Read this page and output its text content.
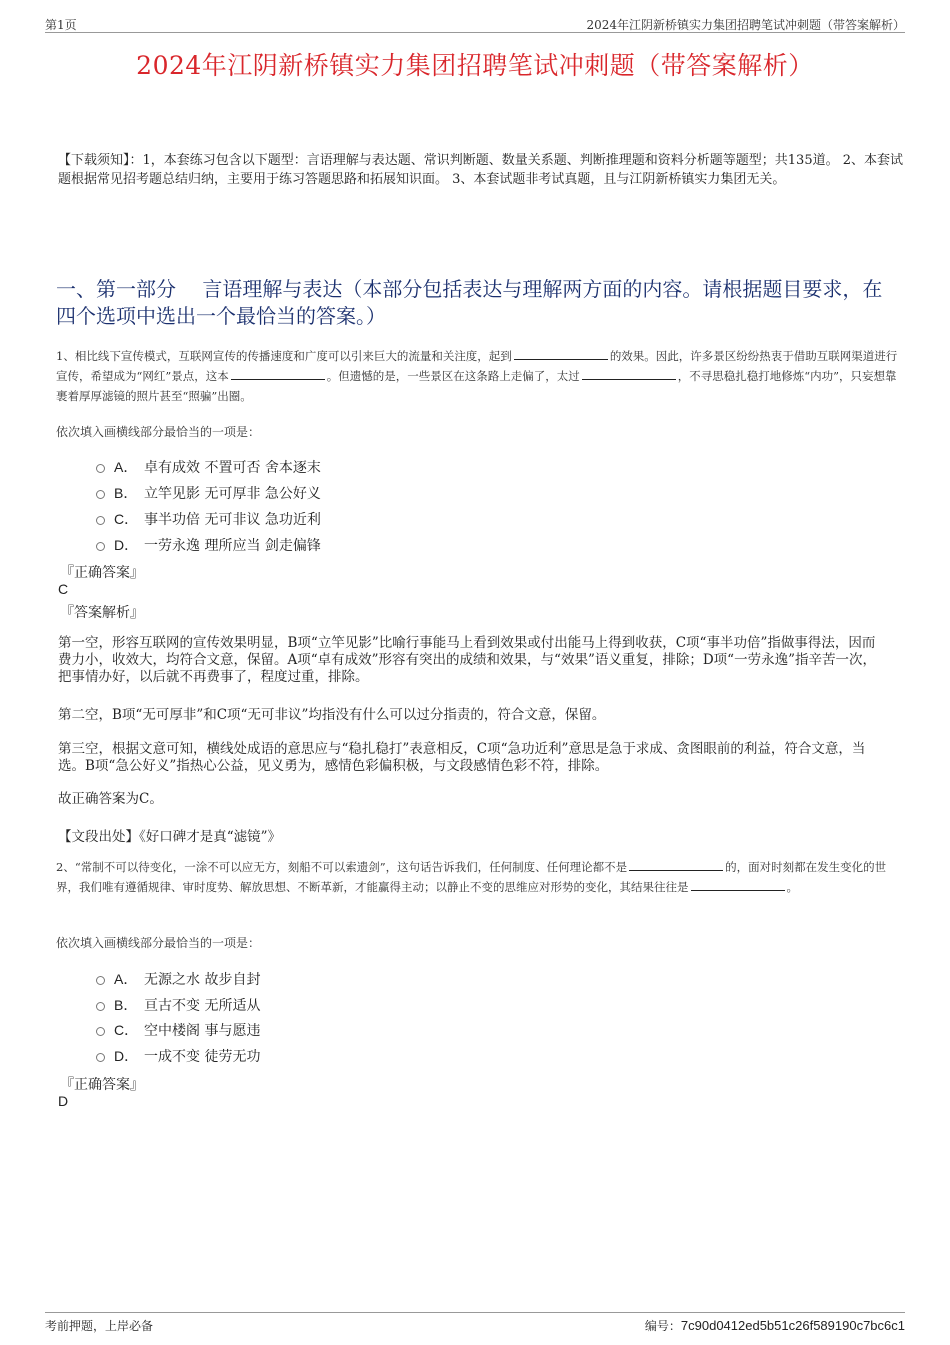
第1页	2024年江阴新桥镇实力集团招聘笔试冲刺题（带答案解析）
2024年江阴新桥镇实力集团招聘笔试冲刺题（带答案解析）
【下载须知】：1，本套练习包含以下题型：言语理解与表达题、常识判断题、数量关系题、判断推理题和资料分析题等题型；共135道。 2、本套试题根据常见招考题总结归纳，主要用于练习答题思路和拓展知识面。 3、本套试题非考试真题，且与江阴新桥镇实力集团无关。
一、第一部分　 言语理解与表达（本部分包括表达与理解两方面的内容。请根据题目要求，在四个选项中选出一个最恰当的答案。）
1、相比线下宣传模式，互联网宣传的传播速度和广度可以引来巨大的流量和关注度，起到	的效果。因此，许多景区纷纷热衷于借助互联网渠道进行宣传，希望成为“网红”景点，这本	。但遗憾的是，一些景区在这条路上走偏了，太过	，不寻思稳扎稳打地修炼“内功”，只妄想靠裹着厚厚滤镜的照片甚至“照骗”出圈。
依次填入画横线部分最恰当的一项是：
A． 卓有成效 不置可否 舍本逐末
B． 立竿见影 无可厚非 急公好义
C． 事半功倍 无可非议 急功近利
D． 一劳永逸 理所应当 剑走偏锋
『正确答案』
C
『答案解析』
第一空，形容互联网的宣传效果明显，B项“立竿见影”比喻行事能马上看到效果或付出能马上得到收获，C项“事半功倍”指做事得法，因而费力小，收效大，均符合文意，保留。A项“卓有成效”形容有突出的成绩和效果，与“效果”语义重复，排除；D项“一劳永逸”指辛苦一次，把事情办好，以后就不再费事了，程度过重，排除。
第二空，B项“无可厚非”和C项“无可非议”均指没有什么可以过分指责的，符合文意，保留。
第三空，根据文意可知，横线处成语的意思应与“稳扎稳打”表意相反，C项“急功近利”意思是急于求成、贪图眼前的利益，符合文意，当选。B项“急公好义”指热心公益，见义勇为，感情色彩偏积极，与文段感情色彩不符，排除。
故正确答案为C。
【文段出处】《好口碑才是真“滤镜”》
2、“常制不可以待变化，一涂不可以应无方，刻船不可以索遗剑”，这句话告诉我们，任何制度、任何理论都不是	的，面对时刻都在发生变化的世界，我们唯有遵循规律、审时度势、解放思想、不断革新，才能赢得主动；以静止不变的思维应对形势的变化，其结果往往是	。
依次填入画横线部分最恰当的一项是：
A． 无源之水 故步自封
B． 亘古不变 无所适从
C． 空中楼阁 事与愿违
D． 一成不变 徒劳无功
『正确答案』
D
考前押题，上岸必备	编号：7c90d0412ed5b51c26f589190c7bc6c1
